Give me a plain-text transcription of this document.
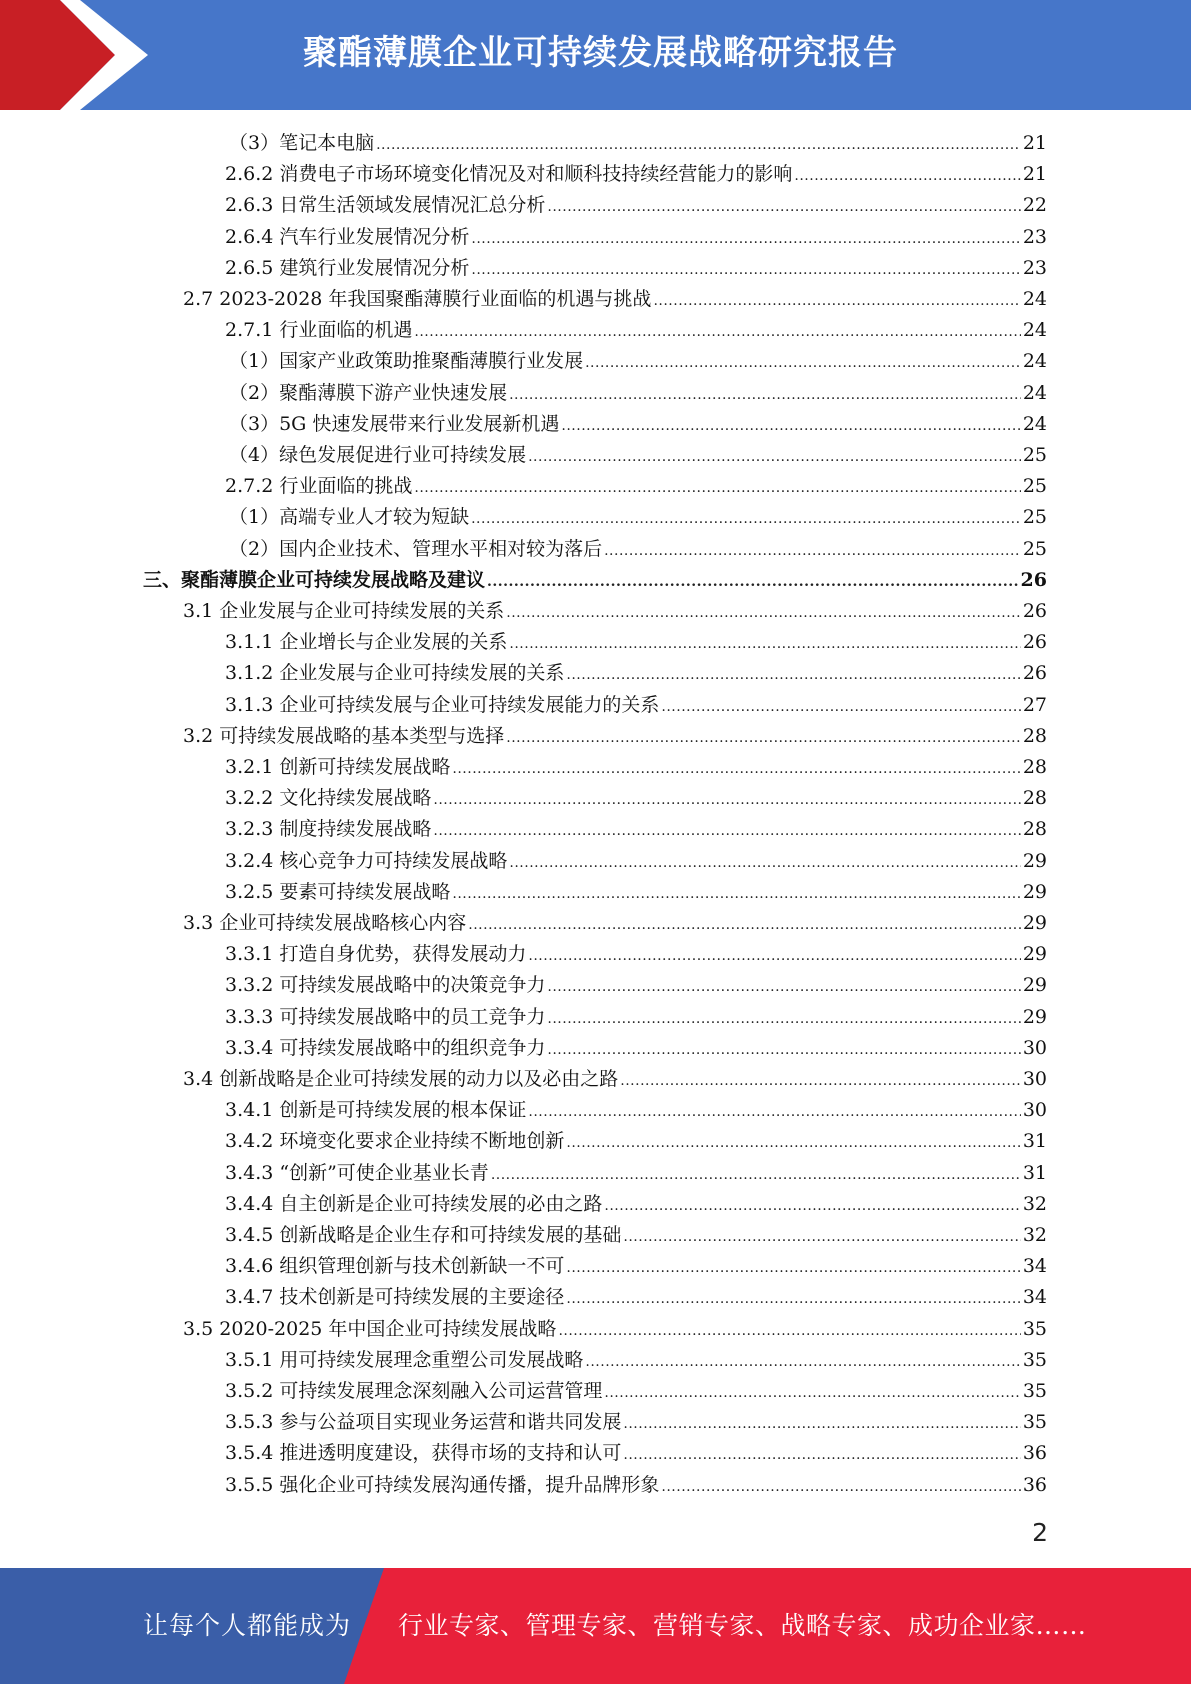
聚酯薄膜企业可持续发展战略研究报告
（3）笔记本电脑 .....	21
2.6.2 消费电子市场环境变化情况及对和顺科技持续经营能力的影响 .....	21
2.6.3 日常生活领域发展情况汇总分析 .....	22
2.6.4 汽车行业发展情况分析 .....	23
2.6.5 建筑行业发展情况分析 .....	23
2.7 2023-2028 年我国聚酯薄膜行业面临的机遇与挑战 .....	24
2.7.1 行业面临的机遇 .....	24
（1）国家产业政策助推聚酯薄膜行业发展 .....	24
（2）聚酯薄膜下游产业快速发展 .....	24
（3）5G 快速发展带来行业发展新机遇 .....	24
（4）绿色发展促进行业可持续发展 .....	25
2.7.2 行业面临的挑战 .....	25
（1）高端专业人才较为短缺 .....	25
（2）国内企业技术、管理水平相对较为落后 .....	25
三、聚酯薄膜企业可持续发展战略及建议 .....	26
3.1 企业发展与企业可持续发展的关系 .....	26
3.1.1 企业增长与企业发展的关系 .....	26
3.1.2 企业发展与企业可持续发展的关系 .....	26
3.1.3 企业可持续发展与企业可持续发展能力的关系 .....	27
3.2 可持续发展战略的基本类型与选择 .....	28
3.2.1 创新可持续发展战略 .....	28
3.2.2 文化持续发展战略 .....	28
3.2.3 制度持续发展战略 .....	28
3.2.4 核心竞争力可持续发展战略 .....	29
3.2.5 要素可持续发展战略 .....	29
3.3 企业可持续发展战略核心内容 .....	29
3.3.1 打造自身优势，获得发展动力 .....	29
3.3.2 可持续发展战略中的决策竞争力 .....	29
3.3.3 可持续发展战略中的员工竞争力 .....	29
3.3.4 可持续发展战略中的组织竞争力 .....	30
3.4 创新战略是企业可持续发展的动力以及必由之路 .....	30
3.4.1 创新是可持续发展的根本保证 .....	30
3.4.2 环境变化要求企业持续不断地创新 .....	31
3.4.3 “创新”可使企业基业长青 .....	31
3.4.4 自主创新是企业可持续发展的必由之路 .....	32
3.4.5 创新战略是企业生存和可持续发展的基础 .....	32
3.4.6 组织管理创新与技术创新缺一不可 .....	34
3.4.7 技术创新是可持续发展的主要途径 .....	34
3.5 2020-2025 年中国企业可持续发展战略 .....	35
3.5.1 用可持续发展理念重塑公司发展战略 .....	35
3.5.2 可持续发展理念深刻融入公司运营管理 .....	35
3.5.3 参与公益项目实现业务运营和谐共同发展 .....	35
3.5.4 推进透明度建设，获得市场的支持和认可 .....	36
3.5.5 强化企业可持续发展沟通传播，提升品牌形象 .....	36
2
让每个人都能成为 行业专家、管理专家、营销专家、战略专家、成功企业家……
